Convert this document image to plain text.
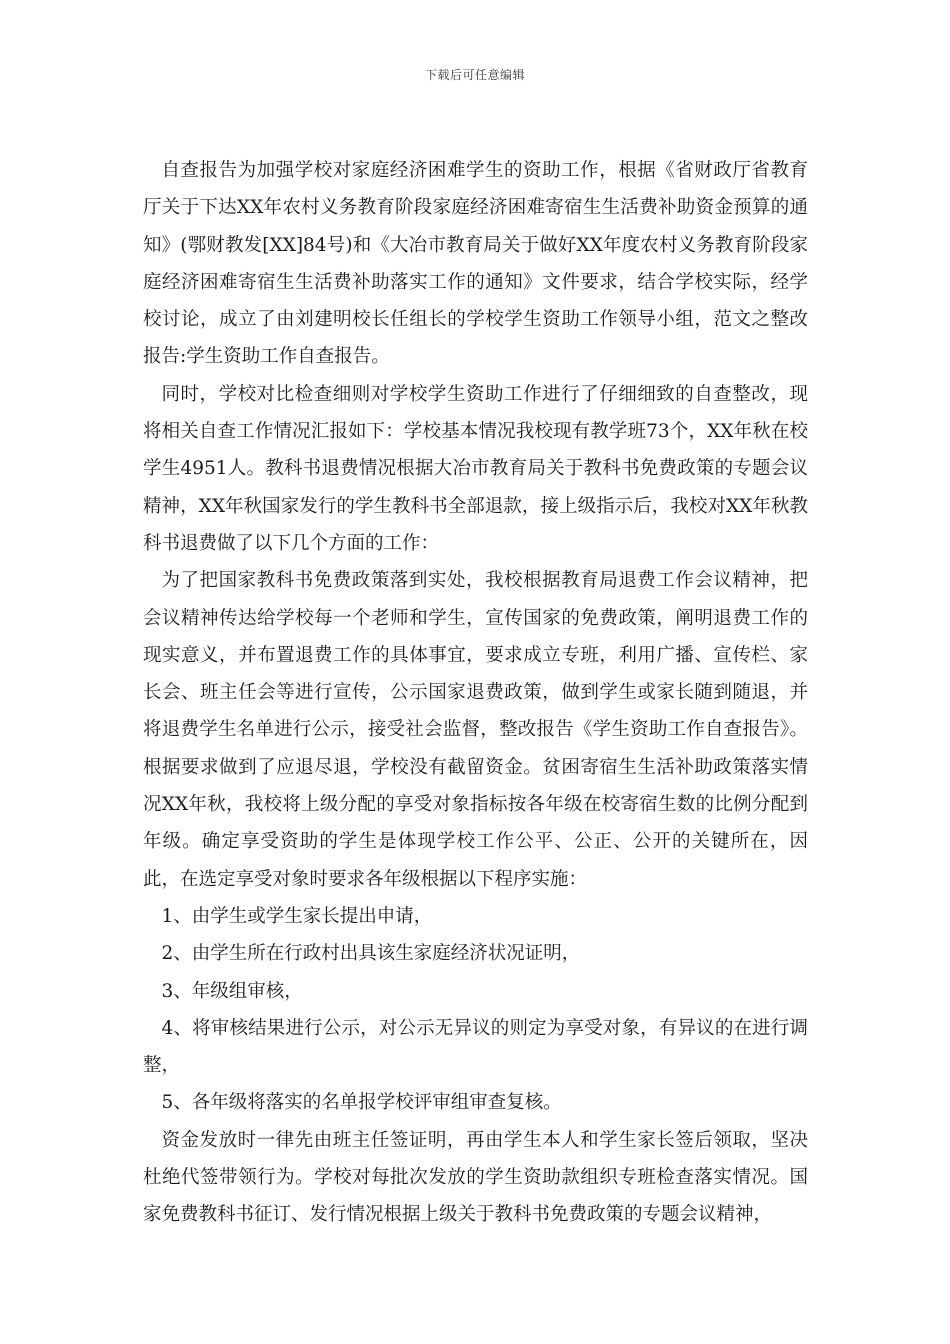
下载后可任意编辑

自查报告为加强学校对家庭经济困难学生的资助工作，根据《省财政厅省教育厅关于下达XX年农村义务教育阶段家庭经济困难寄宿生生活费补助资金预算的通知》(鄂财教发[XX]84号)和《大冶市教育局关于做好XX年度农村义务教育阶段家庭经济困难寄宿生生活费补助落实工作的通知》文件要求，结合学校实际，经学校讨论，成立了由刘建明校长任组长的学校学生资助工作领导小组，范文之整改报告:学生资助工作自查报告。

同时，学校对比检查细则对学校学生资助工作进行了仔细细致的自查整改，现将相关自查工作情况汇报如下：学校基本情况我校现有教学班73个，XX年秋在校学生4951人。教科书退费情况根据大冶市教育局关于教科书免费政策的专题会议精神，XX年秋国家发行的学生教科书全部退款，接上级指示后，我校对XX年秋教科书退费做了以下几个方面的工作：

为了把国家教科书免费政策落到实处，我校根据教育局退费工作会议精神，把会议精神传达给学校每一个老师和学生，宣传国家的免费政策，阐明退费工作的现实意义，并布置退费工作的具体事宜，要求成立专班，利用广播、宣传栏、家长会、班主任会等进行宣传，公示国家退费政策，做到学生或家长随到随退，并将退费学生名单进行公示，接受社会监督，整改报告《学生资助工作自查报告》。根据要求做到了应退尽退，学校没有截留资金。贫困寄宿生生活补助政策落实情况XX年秋，我校将上级分配的享受对象指标按各年级在校寄宿生数的比例分配到年级。确定享受资助的学生是体现学校工作公平、公正、公开的关键所在，因此，在选定享受对象时要求各年级根据以下程序实施：

1、由学生或学生家长提出申请，

2、由学生所在行政村出具该生家庭经济状况证明，

3、年级组审核，

4、将审核结果进行公示，对公示无异议的则定为享受对象，有异议的在进行调整，

5、各年级将落实的名单报学校评审组审查复核。

资金发放时一律先由班主任签证明，再由学生本人和学生家长签后领取，坚决杜绝代签带领行为。学校对每批次发放的学生资助款组织专班检查落实情况。国家免费教科书征订、发行情况根据上级关于教科书免费政策的专题会议精神，
